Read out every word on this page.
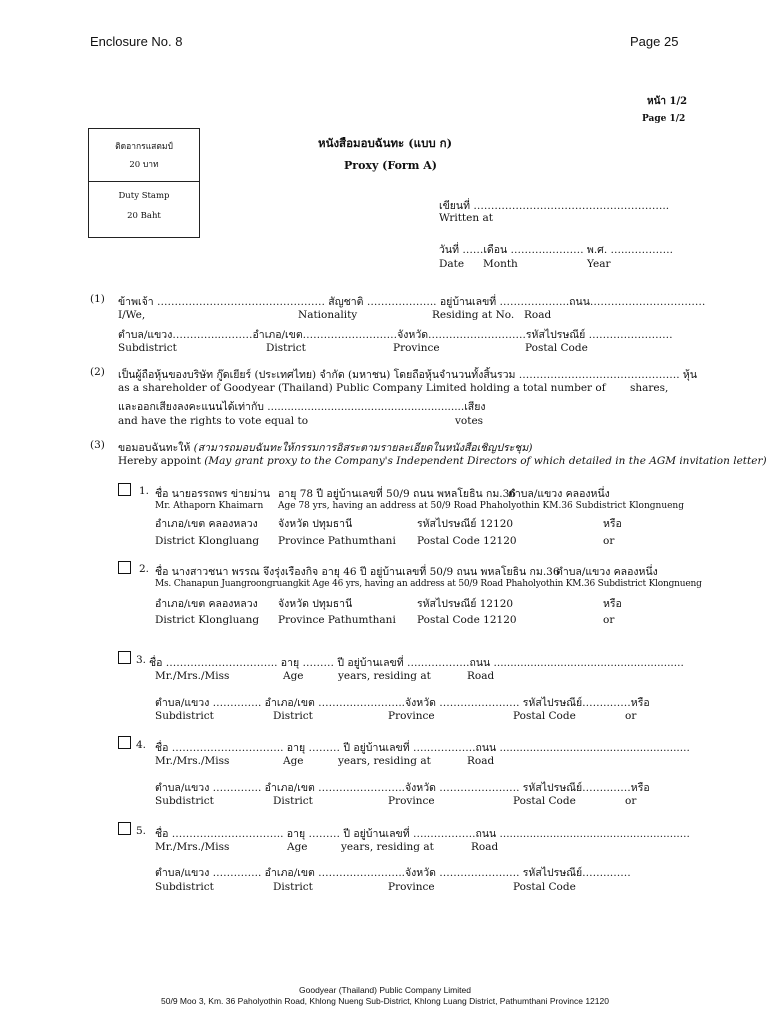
Enclosure No. 8	Page 25
หน้า 1/2
Page 1/2
ติดอากรแสตมป์
20 บาท
Duty Stamp
20 Baht
หนังสือมอบฉันทะ (แบบ ก)
Proxy (Form A)
เขียนที่ ………………………………………………..
Written at
วันที่ ……เดือน ………...……… พ.ศ. …..………….
Date Month	Year
(1) ข้าพเจ้า ………………………………………… สัญชาติ ……………….. อยู่บ้านเลขที่ ………………..ถนน……………………………
I/We,	Nationality	Residing at No. Road
ตำบล/แขวง…………..………อำเภอ/เขต………………………จังหวัด……………………….รหัสไปรษณีย์ ……………………
Subdistrict	District	Province	Postal Code
(2) เป็นผู้ถือหุ้นของบริษัท กู๊ดเยียร์ (ประเทศไทย) จำกัด (มหาชน) โดยถือหุ้นจำนวนทั้งสิ้นรวม ………………………………………. หุ้น
as a shareholder of Goodyear (Thailand) Public Company Limited holding a total number of shares,
และออกเสียงลงคะแนนได้เท่ากับ ...........................................................เสียง
and have the rights to vote equal to	votes
(3) ขอมอบฉันทะให้ (สามารถมอบฉันทะให้กรรมการอิสระตามรายละเอียดในหนังสือเชิญประชุม)
Hereby appoint (May grant proxy to the Company's Independent Directors of which detailed in the AGM invitation letter)
1. ชื่อ นายอรรถพร ข่ายม่าน อายุ 78 ปี อยู่บ้านเลขที่ 50/9 ถนน พหลโยธิน กม.36
ตำบล/แขวง คลองหนึ่ง
Mr. Athaporn Khaimarn Age 78 yrs, having an address at 50/9 Road Phaholyothin KM.36 Subdistrict Klongnueng
อำเภอ/เขต คลองหลวง จังหวัด ปทุมธานี	รหัสไปรษณีย์ 12120	หรือ
District Klongluang Province Pathumthani Postal Code 12120	or
2. ชื่อ นางสาวชนา พรรณ จึงรุ่งเรืองกิจ อายุ 46 ปี อยู่บ้านเลขที่ 50/9 ถนน พหลโยธิน กม.36
ตำบล/แขวง คลองหนึ่ง
Ms. Chanapun Juangroongruangkit Age 46 yrs, having an address at 50/9 Road Phaholyothin KM.36 Subdistrict Klongnueng
อำเภอ/เขต คลองหลวง จังหวัด ปทุมธานี	รหัสไปรษณีย์ 12120	หรือ
District Klongluang Province Pathumthani Postal Code 12120	or
3. ชื่อ ………………………….. อายุ ……… ปี อยู่บ้านเลขที่ ….…………..ถนน .........................................................
Mr./Mrs./Miss	Age	years, residing at	Road
ตำบล/แขวง ………….. อำเภอ/เขต ………..…………..จังหวัด ……………….…. รหัสไปรษณีย์……..……หรือ
Subdistrict	District	Province	Postal Code	or
4. ชื่อ ………………………….. อายุ ……… ปี อยู่บ้านเลขที่ ….…………..ถนน .........................................................
Mr./Mrs./Miss	Age	years, residing at	Road
ตำบล/แขวง ………….. อำเภอ/เขต ………..…………..จังหวัด ……………….…. รหัสไปรษณีย์……..……หรือ
Subdistrict	District	Province	Postal Code	or
5. ชื่อ ………………………….. อายุ ……… ปี อยู่บ้านเลขที่ ….…………..ถนน .........................................................
Mr./Mrs./Miss	Age	years, residing at	Road
ตำบล/แขวง ………….. อำเภอ/เขต ………..…………..จังหวัด ……………….…. รหัสไปรษณีย์……..……
Subdistrict	District	Province	Postal Code
Goodyear (Thailand) Public Company Limited
50/9 Moo 3, Km. 36 Paholyothin Road, Khlong Nueng Sub-District, Khlong Luang District, Pathumthani Province 12120
